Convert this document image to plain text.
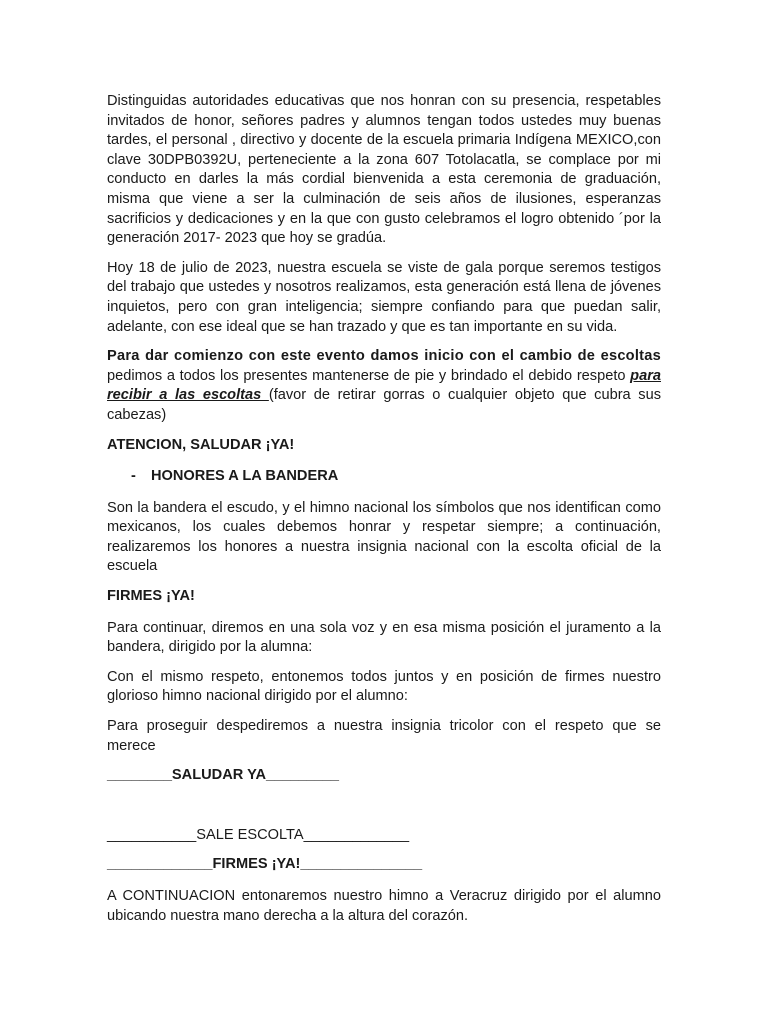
Distinguidas autoridades educativas que nos honran con su presencia, respetables invitados de honor, señores padres y alumnos tengan todos ustedes muy buenas tardes, el personal , directivo y docente de la escuela primaria Indígena MEXICO,con clave 30DPB0392U, perteneciente a la zona 607 Totolacatla, se complace por mi conducto en darles la más cordial bienvenida a esta ceremonia de graduación, misma que viene a ser la culminación de seis años de ilusiones, esperanzas sacrificios y dedicaciones y en la que con gusto celebramos el logro obtenido ´por la generación 2017- 2023 que hoy se gradúa.

Hoy 18 de julio de 2023, nuestra escuela se viste de gala porque seremos testigos del trabajo que ustedes y nosotros realizamos, esta generación está llena de jóvenes inquietos, pero con gran inteligencia; siempre confiando para que puedan salir, adelante, con ese ideal que se han trazado y que es tan importante en su vida.

Para dar comienzo con este evento damos inicio con el cambio de escoltas pedimos a todos los presentes mantenerse de pie y brindado el debido respeto para recibir a las escoltas (favor de retirar gorras o cualquier objeto que cubra sus cabezas)

ATENCION, SALUDAR ¡YA!

- HONORES A LA BANDERA

Son la bandera el escudo, y el himno nacional los símbolos que nos identifican como mexicanos, los cuales debemos honrar y respetar siempre; a continuación, realizaremos los honores a nuestra insignia nacional con la escolta oficial de la escuela

FIRMES ¡YA!

Para continuar, diremos en una sola voz y en esa misma posición el juramento a la bandera, dirigido por la alumna:

Con el mismo respeto, entonemos todos juntos y en posición de firmes nuestro glorioso himno nacional dirigido por el alumno:

Para proseguir despediremos a nuestra insignia tricolor con el respeto que se merece

________SALUDAR YA_________

___________SALE ESCOLTA_____________

_____________FIRMES ¡YA!_______________

A CONTINUACION entonaremos nuestro himno a Veracruz dirigido por el alumno ubicando nuestra mano derecha a la altura del corazón.
